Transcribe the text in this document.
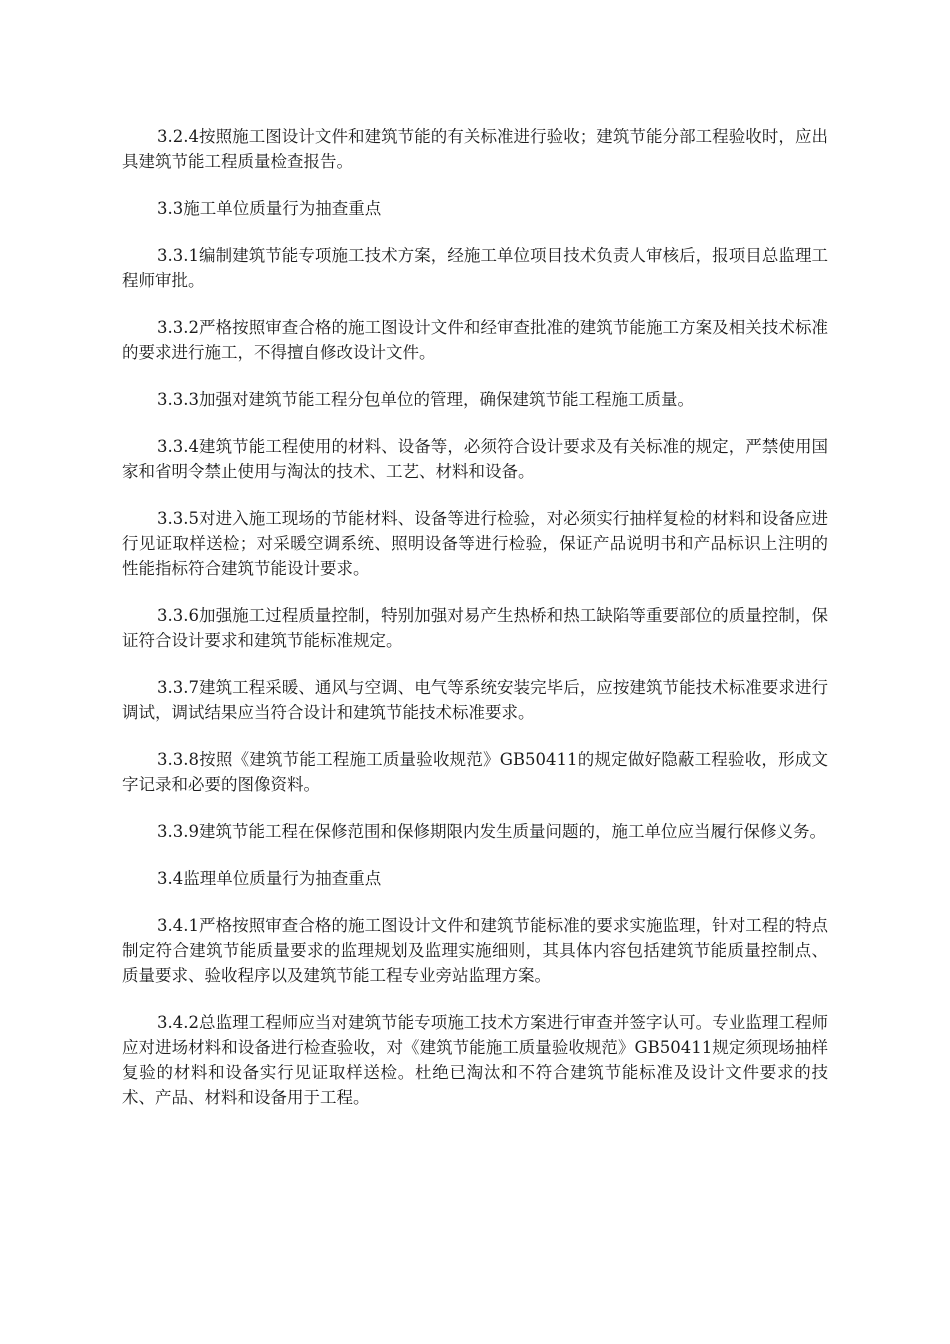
3.2.4按照施工图设计文件和建筑节能的有关标准进行验收；建筑节能分部工程验收时，应出具建筑节能工程质量检查报告。

3.3施工单位质量行为抽查重点

3.3.1编制建筑节能专项施工技术方案，经施工单位项目技术负责人审核后，报项目总监理工程师审批。

3.3.2严格按照审查合格的施工图设计文件和经审查批准的建筑节能施工方案及相关技术标准的要求进行施工，不得擅自修改设计文件。

3.3.3加强对建筑节能工程分包单位的管理，确保建筑节能工程施工质量。

3.3.4建筑节能工程使用的材料、设备等，必须符合设计要求及有关标准的规定，严禁使用国家和省明令禁止使用与淘汰的技术、工艺、材料和设备。

3.3.5对进入施工现场的节能材料、设备等进行检验，对必须实行抽样复检的材料和设备应进行见证取样送检；对采暖空调系统、照明设备等进行检验，保证产品说明书和产品标识上注明的性能指标符合建筑节能设计要求。

3.3.6加强施工过程质量控制，特别加强对易产生热桥和热工缺陷等重要部位的质量控制，保证符合设计要求和建筑节能标准规定。

3.3.7建筑工程采暖、通风与空调、电气等系统安装完毕后，应按建筑节能技术标准要求进行调试，调试结果应当符合设计和建筑节能技术标准要求。

3.3.8按照《建筑节能工程施工质量验收规范》GB50411的规定做好隐蔽工程验收，形成文字记录和必要的图像资料。

3.3.9建筑节能工程在保修范围和保修期限内发生质量问题的，施工单位应当履行保修义务。

3.4监理单位质量行为抽查重点

3.4.1严格按照审查合格的施工图设计文件和建筑节能标准的要求实施监理，针对工程的特点制定符合建筑节能质量要求的监理规划及监理实施细则，其具体内容包括建筑节能质量控制点、质量要求、验收程序以及建筑节能工程专业旁站监理方案。

3.4.2总监理工程师应当对建筑节能专项施工技术方案进行审查并签字认可。专业监理工程师应对进场材料和设备进行检查验收，对《建筑节能施工质量验收规范》GB50411规定须现场抽样复验的材料和设备实行见证取样送检。杜绝已淘汰和不符合建筑节能标准及设计文件要求的技术、产品、材料和设备用于工程。
